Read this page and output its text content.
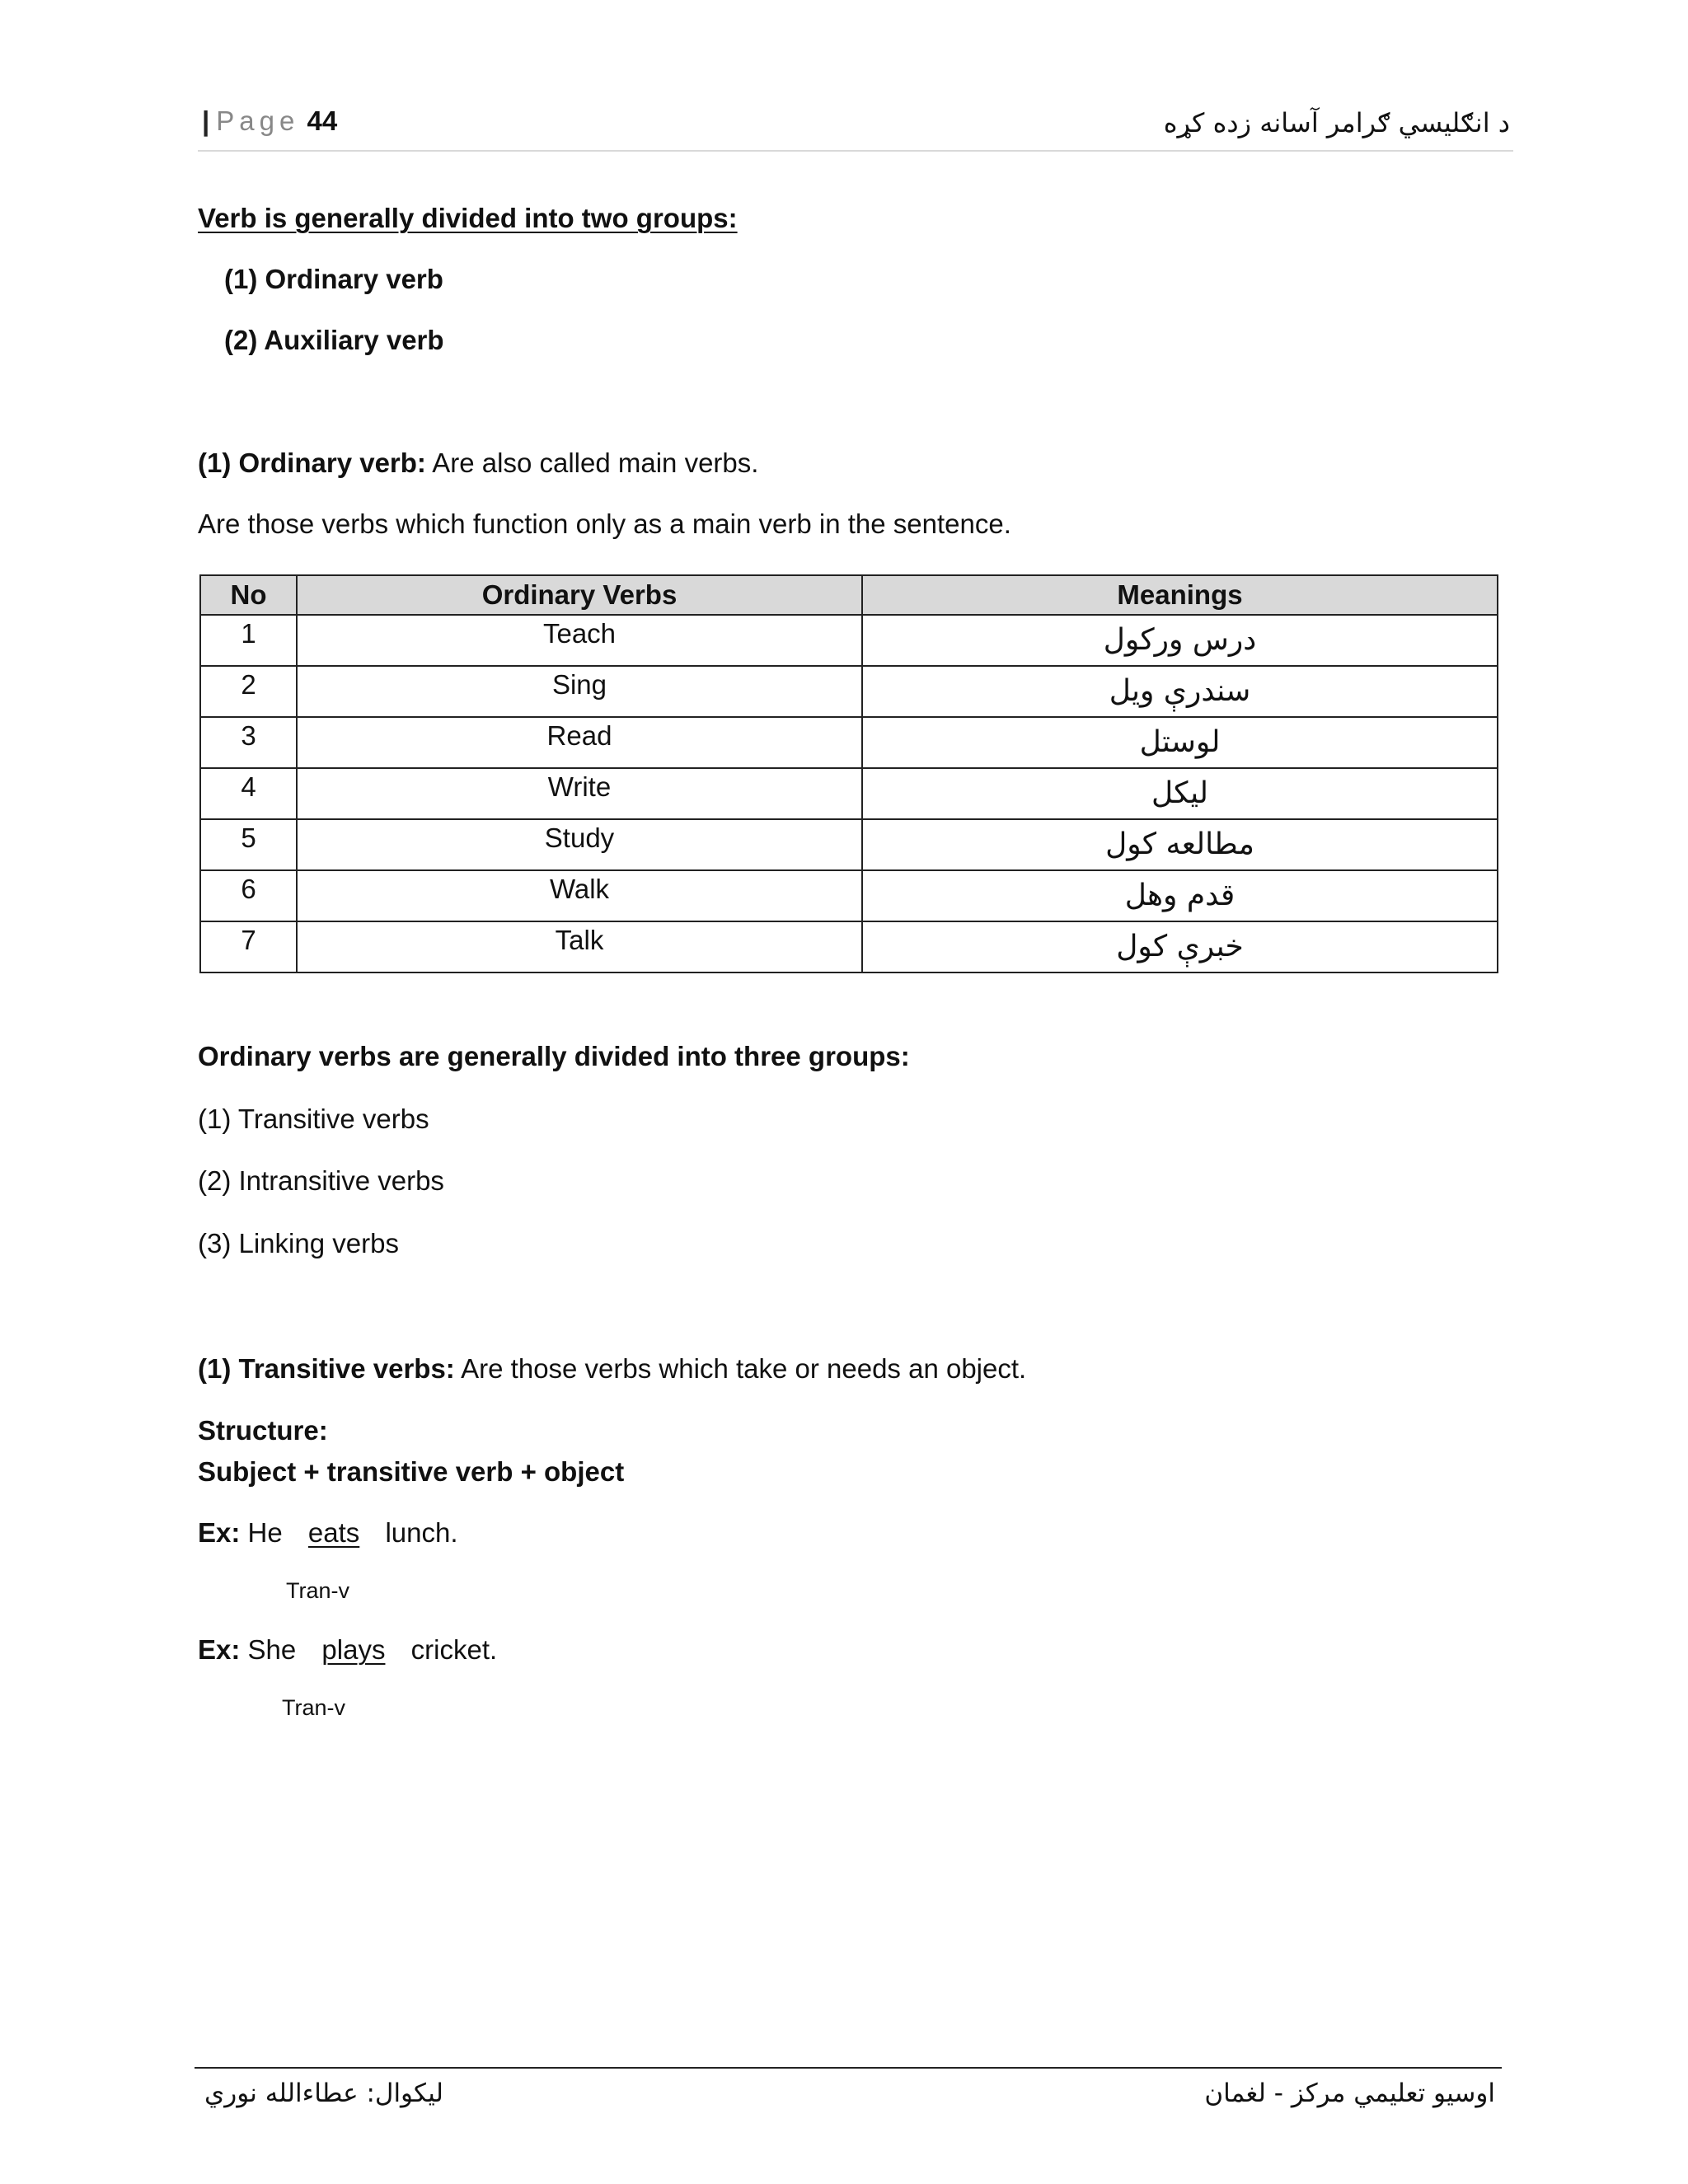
| Page 44	د انګليسي ګرامر آسانه زده کړه
Verb is generally divided into two groups:
(1) Ordinary verb
(2) Auxiliary verb
(1) Ordinary verb: Are also called main verbs.
Are those verbs which function only as a main verb in the sentence.
No	Ordinary Verbs	Meanings
1	Teach	درس ورکول
2	Sing	سندرې ويل
3	Read	لوستل
4	Write	ليکل
5	Study	مطالعه کول
6	Walk	قدم وهل
7	Talk	خبرې کول
Ordinary verbs are generally divided into three groups:
(1) Transitive verbs
(2) Intransitive verbs
(3) Linking verbs
(1) Transitive verbs: Are those verbs which take or needs an object.
Structure:
Subject + transitive verb + object
Ex: He eats lunch.
Tran-v
Ex: She plays cricket.
Tran-v
ليکوال: عطاءالله نوري	اوسيو تعليمي مرکز - لغمان
